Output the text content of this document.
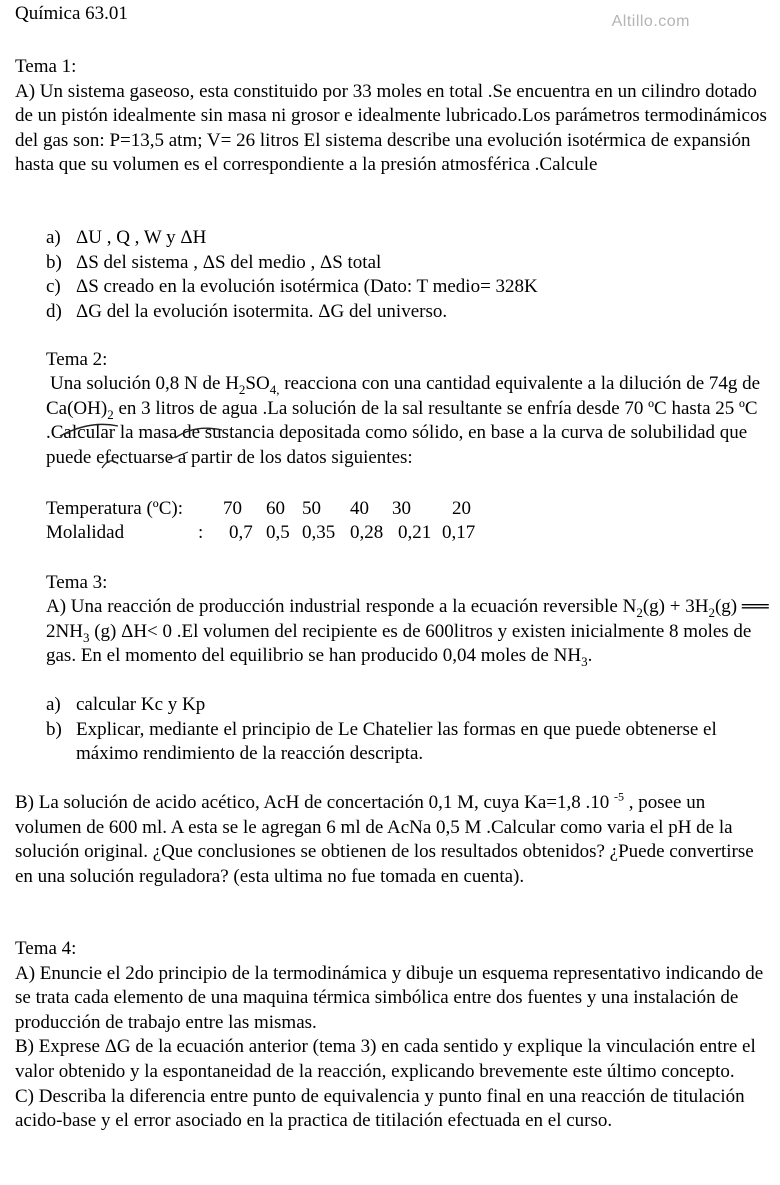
Química 63.01	Altillo.com
Tema 1:

A) Un sistema gaseoso, esta constituido por 33 moles en total .Se encuentra en un cilindro dotado de un pistón idealmente sin masa ni grosor e idealmente lubricado.Los parámetros termodinámicos del gas son: P=13,5 atm; V= 26 litros El sistema describe una evolución isotérmica de expansión hasta que su volumen es el correspondiente a la presión atmosférica .Calcule

a) ΔU , Q , W y ΔH
b) ΔS del sistema , ΔS del medio , ΔS total
c) ΔS creado en la evolución isotérmica (Dato: T medio= 328K
d) ΔG del la evolución isotermita. ΔG del universo.
Tema 2:

Una solución 0,8 N de $H_2SO_{4,}$ reacciona con una cantidad equivalente a la dilución de 74g de $Ca(OH)_2$ en 3 litros de agua .La solución de la sal resultante se enfría desde 70 ºC hasta 25 ºC .Calcular la masa de sustancia depositada como sólido, en base a la curva de solubilidad que puede efectuarse a partir de los datos siguientes:

Temperatura (ºC): 70 60 50 40 30 20
Molalidad	: 0,7 0,5 0,35 0,28 0,21 0,17
Tema 3:

A) Una reacción de producción industrial responde a la ecuación reversible $N_2(g) + 3H_2(g)$ ══ $2NH_3$ (g) ΔH< 0 .El volumen del recipiente es de 600litros y existen inicialmente 8 moles de gas. En el momento del equilibrio se han producido 0,04 moles de $NH_3$.

a) calcular Kc y Kp
b) Explicar, mediante el principio de Le Chatelier las formas en que puede obtenerse el máximo rendimiento de la reacción descripta.

B) La solución de acido acético, AcH de concertación 0,1 M, cuya Ka=1,8 .10 $^{-5}$ , posee un volumen de 600 ml. A esta se le agregan 6 ml de AcNa 0,5 M .Calcular como varia el pH de la solución original. ¿Que conclusiones se obtienen de los resultados obtenidos? ¿Puede convertirse en una solución reguladora? (esta ultima no fue tomada en cuenta).

Tema 4:

A) Enuncie el 2do principio de la termodinámica y dibuje un esquema representativo indicando de se trata cada elemento de una maquina térmica simbólica entre dos fuentes y una instalación de producción de trabajo entre las mismas.

B) Exprese ΔG de la ecuación anterior (tema 3) en cada sentido y explique la vinculación entre el valor obtenido y la espontaneidad de la reacción, explicando brevemente este último concepto.

C) Describa la diferencia entre punto de equivalencia y punto final en una reacción de titulación acido-base y el error asociado en la practica de titilación efectuada en el curso.
